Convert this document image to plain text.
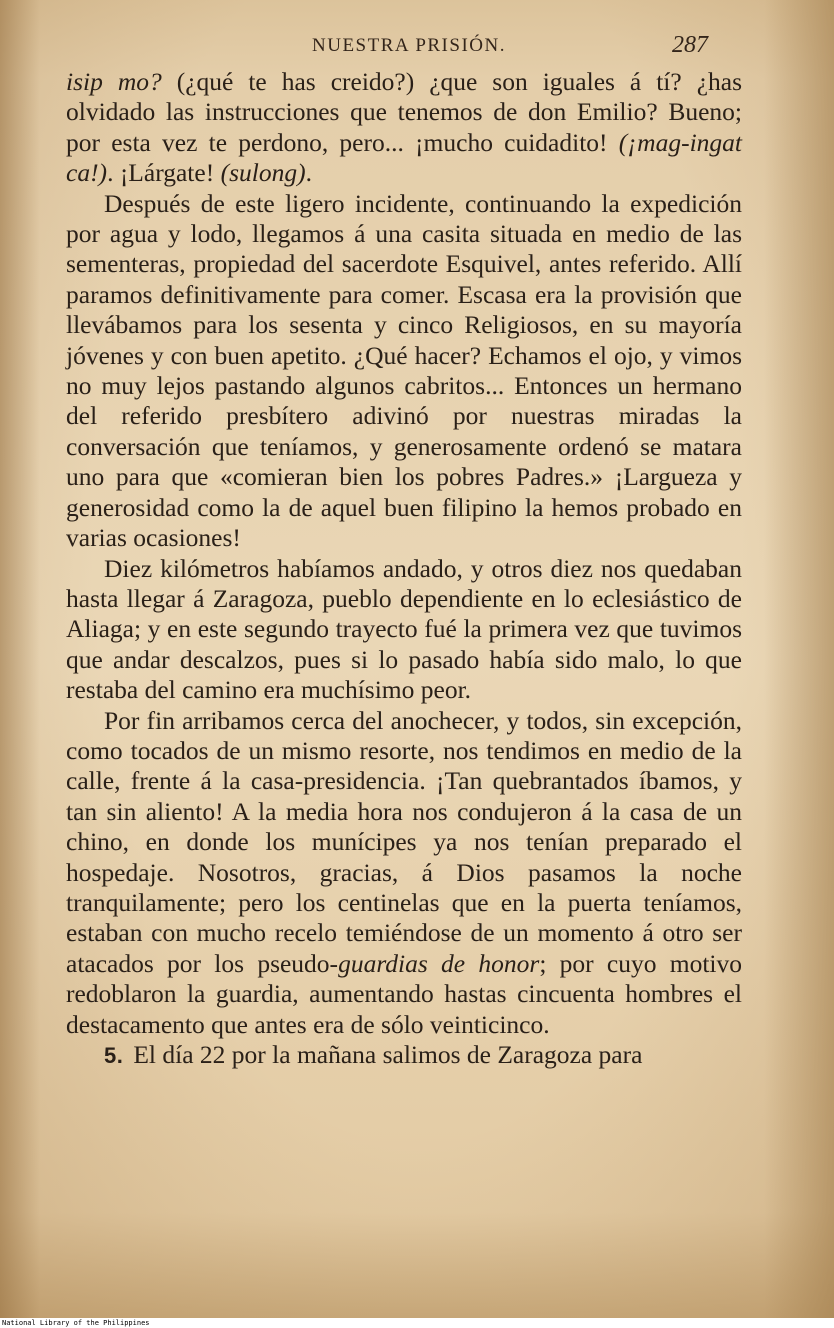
NUESTRA PRISIÓN.	287

isip mo? (¿qué te has creido?) ¿que son iguales á tí? ¿has olvidado las instrucciones que tenemos de don Emilio? Bueno; por esta vez te perdono, pero... ¡mucho cuidadito! (¡mag-ingat ca!). ¡Lárgate! (sulong).

Después de este ligero incidente, continuando la expedición por agua y lodo, llegamos á una casita situada en medio de las sementeras, propiedad del sacerdote Esquivel, antes referido. Allí paramos definitivamente para comer. Escasa era la provisión que llevábamos para los sesenta y cinco Religiosos, en su mayoría jóvenes y con buen apetito. ¿Qué hacer? Echamos el ojo, y vimos no muy lejos pastando algunos cabritos... Entonces un hermano del referido presbítero adivinó por nuestras miradas la conversación que teníamos, y generosamente ordenó se matara uno para que «comieran bien los pobres Padres.» ¡Largueza y generosidad como la de aquel buen filipino la hemos probado en varias ocasiones!

Diez kilómetros habíamos andado, y otros diez nos quedaban hasta llegar á Zaragoza, pueblo dependiente en lo eclesiástico de Aliaga; y en este segundo trayecto fué la primera vez que tuvimos que andar descalzos, pues si lo pasado había sido malo, lo que restaba del camino era muchísimo peor.

Por fin arribamos cerca del anochecer, y todos, sin excepción, como tocados de un mismo resorte, nos tendimos en medio de la calle, frente á la casa-presidencia. ¡Tan quebrantados íbamos, y tan sin aliento! A la media hora nos condujeron á la casa de un chino, en donde los munícipes ya nos tenían preparado el hospedaje. Nosotros, gracias, á Dios pasamos la noche tranquilamente; pero los centinelas que en la puerta teníamos, estaban con mucho recelo temiéndose de un momento á otro ser atacados por los pseudo-guardias de honor; por cuyo motivo redoblaron la guardia, aumentando hastas cincuenta hombres el destacamento que antes era de sólo veinticinco.

5. El día 22 por la mañana salimos de Zaragoza para

National Library of the Philippines
